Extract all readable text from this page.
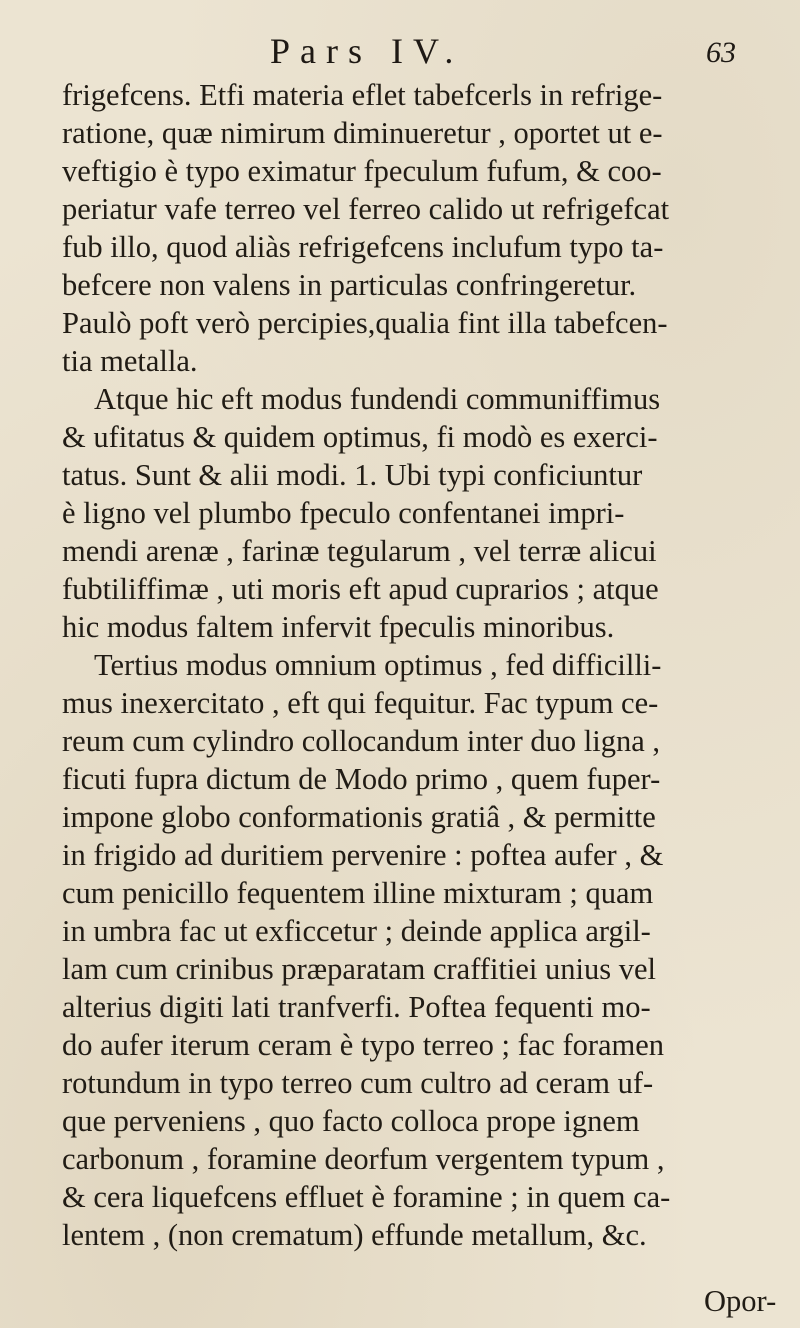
Pars IV.	63
frigefcens. Etfi materia eflet tabefcerls in refrige-
ratione, quæ nimirum diminueretur , oportet ut e-
veftigio è typo eximatur fpeculum fufum, & coo-
periatur vafe terreo vel ferreo calido ut refrigefcat
fub illo, quod aliàs refrigefcens inclufum typo ta-
befcere non valens in particulas confringeretur.
Paulò poft verò percipies,qualia fint illa tabefcen-
tia metalla.
Atque hic eft modus fundendi communiffimus
& ufitatus & quidem optimus, fi modò es exerci-
tatus. Sunt & alii modi. 1. Ubi typi conficiuntur
è ligno vel plumbo fpeculo confentanei impri-
mendi arenæ , farinæ tegularum , vel terræ alicui
fubtiliffimæ , uti moris eft apud cuprarios ; atque
hic modus faltem infervit fpeculis minoribus.
Tertius modus omnium optimus , fed difficilli-
mus inexercitato , eft qui fequitur. Fac typum ce-
reum cum cylindro collocandum inter duo ligna ,
ficuti fupra dictum de Modo primo , quem fuper-
impone globo conformationis gratiâ , & permitte
in frigido ad duritiem pervenire : poftea aufer , &
cum penicillo fequentem illine mixturam ; quam
in umbra fac ut exficcetur ; deinde applica argil-
lam cum crinibus præparatam craffitiei unius vel
alterius digiti lati tranfverfi. Poftea fequenti mo-
do aufer iterum ceram è typo terreo ; fac foramen
rotundum in typo terreo cum cultro ad ceram uf-
que perveniens , quo facto colloca prope ignem
carbonum , foramine deorfum vergentem typum ,
& cera liquefcens effluet è foramine ; in quem ca-
lentem , (non crematum) effunde metallum, &c.
Opor-
